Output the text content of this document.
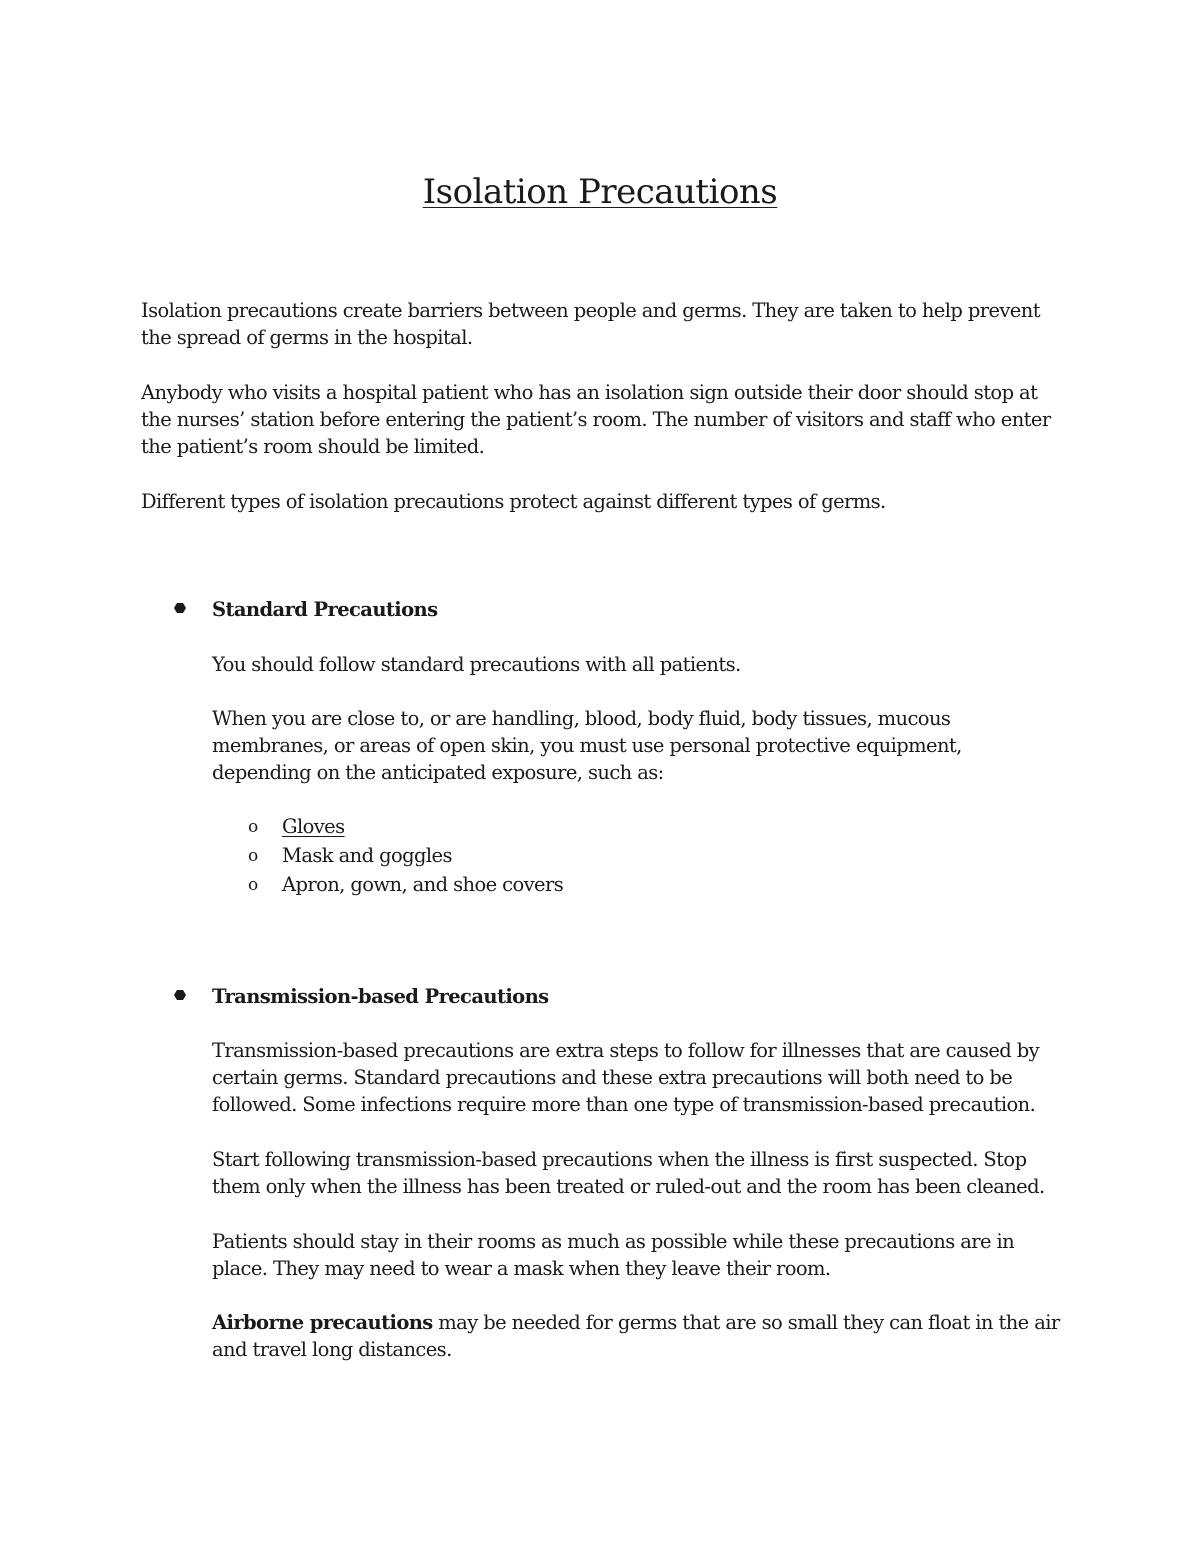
Isolation Precautions

Isolation precautions create barriers between people and germs. They are taken to help prevent
the spread of germs in the hospital.

Anybody who visits a hospital patient who has an isolation sign outside their door should stop at
the nurses’ station before entering the patient’s room. The number of visitors and staff who enter
the patient’s room should be limited.

Different types of isolation precautions protect against different types of germs.

Standard Precautions

You should follow standard precautions with all patients.

When you are close to, or are handling, blood, body fluid, body tissues, mucous
membranes, or areas of open skin, you must use personal protective equipment,
depending on the anticipated exposure, such as:

o	Gloves
o	Mask and goggles
o	Apron, gown, and shoe covers

Transmission-based Precautions

Transmission-based precautions are extra steps to follow for illnesses that are caused by
certain germs. Standard precautions and these extra precautions will both need to be
followed. Some infections require more than one type of transmission-based precaution.

Start following transmission-based precautions when the illness is first suspected. Stop
them only when the illness has been treated or ruled-out and the room has been cleaned.

Patients should stay in their rooms as much as possible while these precautions are in
place. They may need to wear a mask when they leave their room.

Airborne precautions may be needed for germs that are so small they can float in the air
and travel long distances.
